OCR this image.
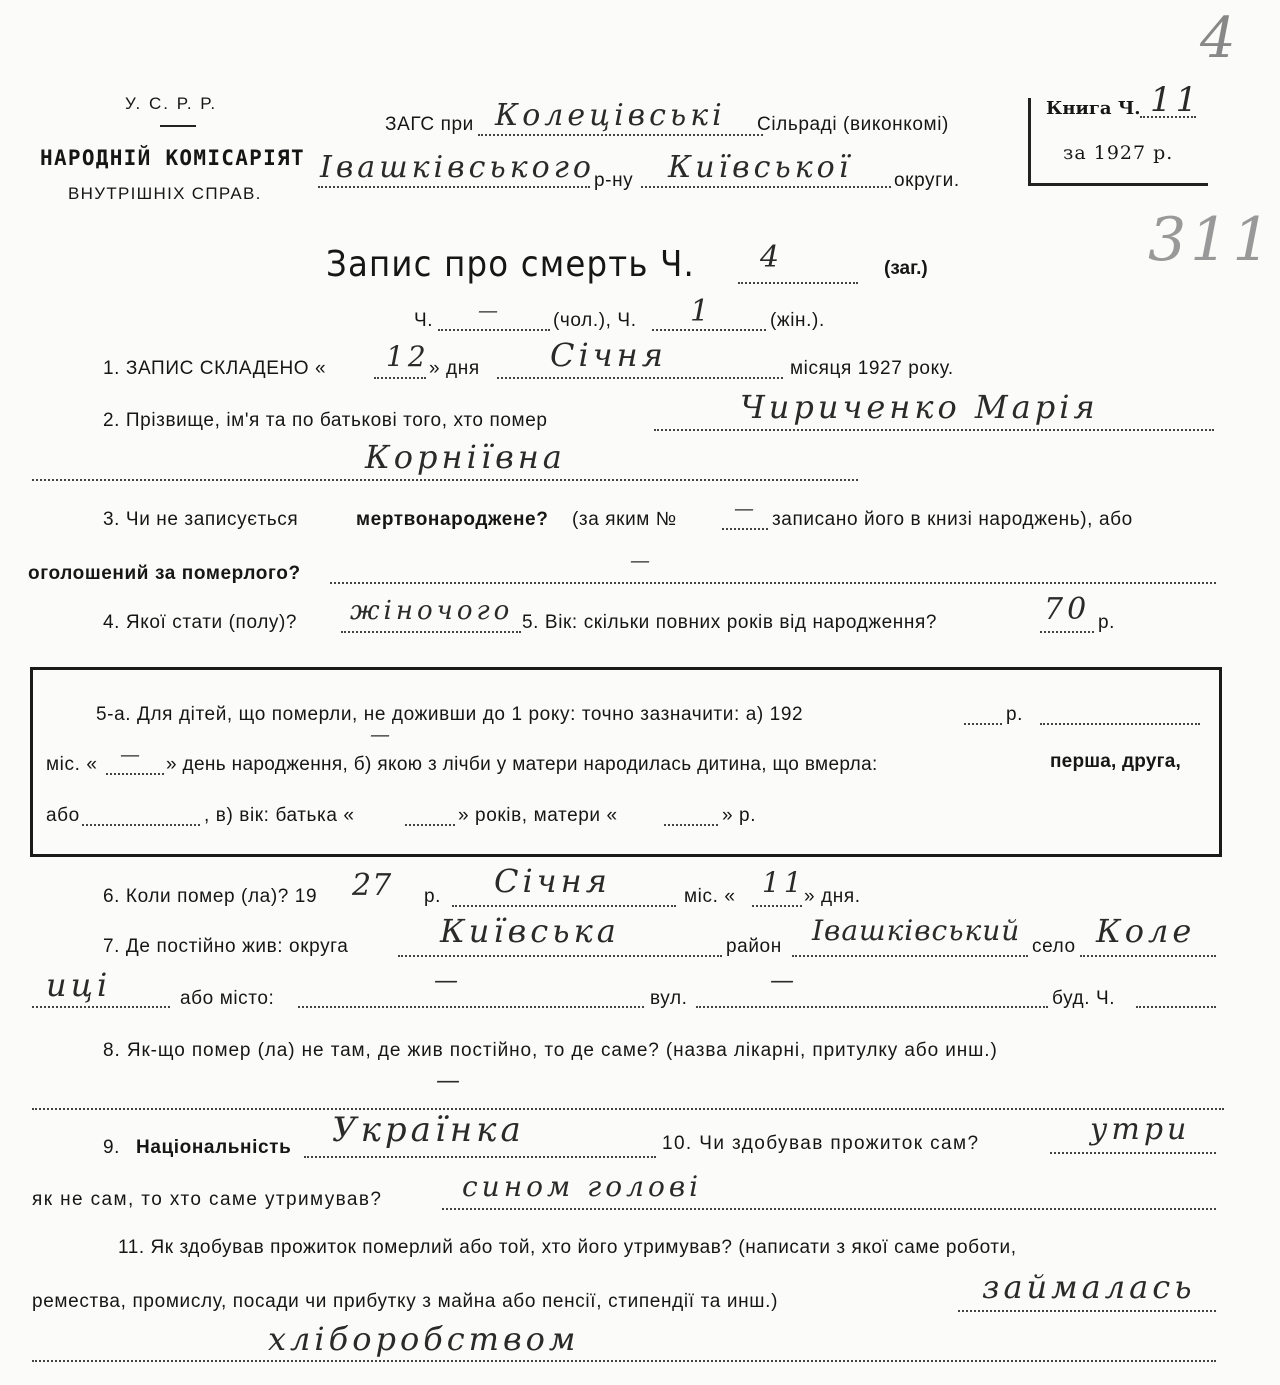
У. С. Р. Р.
НАРОДНІЙ КОМІСАРІЯТ
ВНУТРІШНІХ СПРАВ.
ЗАГС при Колецівські Сільраді (виконкомі)
Івашківського р-ну Київської округи.
Книга Ч. 11
за 1927 р.
4
311
Запис про смерть Ч. 4	(заг.)
Ч. —	(чол.), Ч. 1	(жін.).
1. ЗАПИС СКЛАДЕНО « 12 » дня Січня	місяця 1927 року.
2. Прізвище, ім'я та по батькові того, хто помер	Чириченко Марія
Корніївна
3. Чи не записується	мертвонароджене? (за яким №	— записано його в книзі народжень), або
оголошений за померлого?
—
4. Якої стати (полу)? жіночого 5. Вік: скільки повних років від народження?	70 р.
5-а. Для дітей, що померли, не доживши до 1 року: точно зазначити: а) 192	р.
—
міс. « — » день народження, б) якою з лічби у матери народилась дитина, що вмерла:	перша, друга,
або	, в) вік: батька «	» років, матери «	» р.
6. Коли помер (ла)? 19 27 р. Січня	міс. « 11
» дня.
7. Де постійно жив: округа	Київська	район Івашківський село Коле
иці	або місто:
—
вул.
—
буд. Ч.
8. Як-що помер (ла) не там, де жив постійно, то де саме? (назва лікарні, притулку або инш.)
—
9. Національність Українка	10. Чи здобував прожиток сам?	утри
як не сам, то хто саме утримував?	сином голові
11. Як здобував прожиток померлий або той, хто його утримував? (написати з якої саме роботи,
ремества, промислу, посади чи прибутку з майна або пенсії, стипендії та инш.)	займалась
хліборобством
